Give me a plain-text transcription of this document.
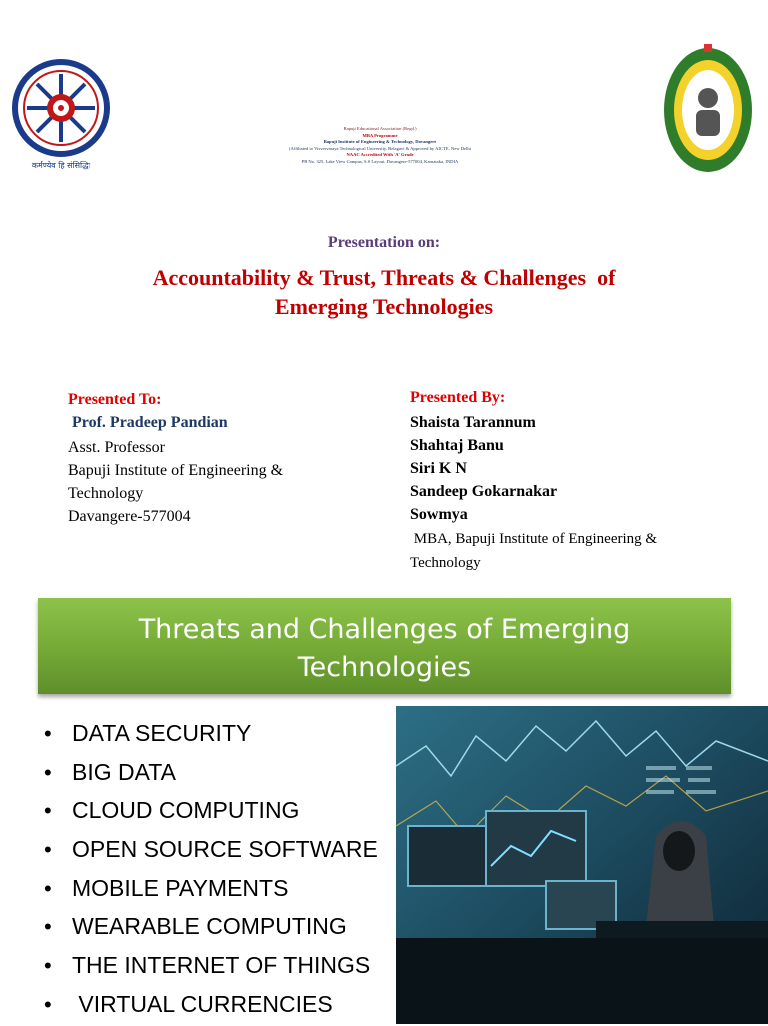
कर्मण्येव हि संसिद्धिः
Bapuji Educational Association (Regd.)
MBA Programme
Bapuji Institute of Engineering & Technology, Davangere
(Affiliated to Visvesvaraya Technological University, Belagavi & Approved by AICTE, New Delhi
NAAC Accredited With 'A' Grade
PB No. 325, Lake View Campus, S.S Layout, Davangere-577004, Karnataka, INDIA
Presentation on:
Accountability & Trust, Threats & Challenges  of
Emerging Technologies
Presented To:
Prof. Pradeep Pandian
Asst. Professor
Bapuji Institute of Engineering &
Technology
Davangere-577004
Presented By:
Shaista Tarannum
Shahtaj Banu
Siri K N
Sandeep Gokarnakar
Sowmya
MBA, Bapuji Institute of Engineering &
Technology
Threats and Challenges of Emerging
Technologies
• DATA SECURITY
• BIG DATA
• CLOUD COMPUTING
• OPEN SOURCE SOFTWARE
• MOBILE PAYMENTS
• WEARABLE COMPUTING
• THE INTERNET OF THINGS
• VIRTUAL CURRENCIES
